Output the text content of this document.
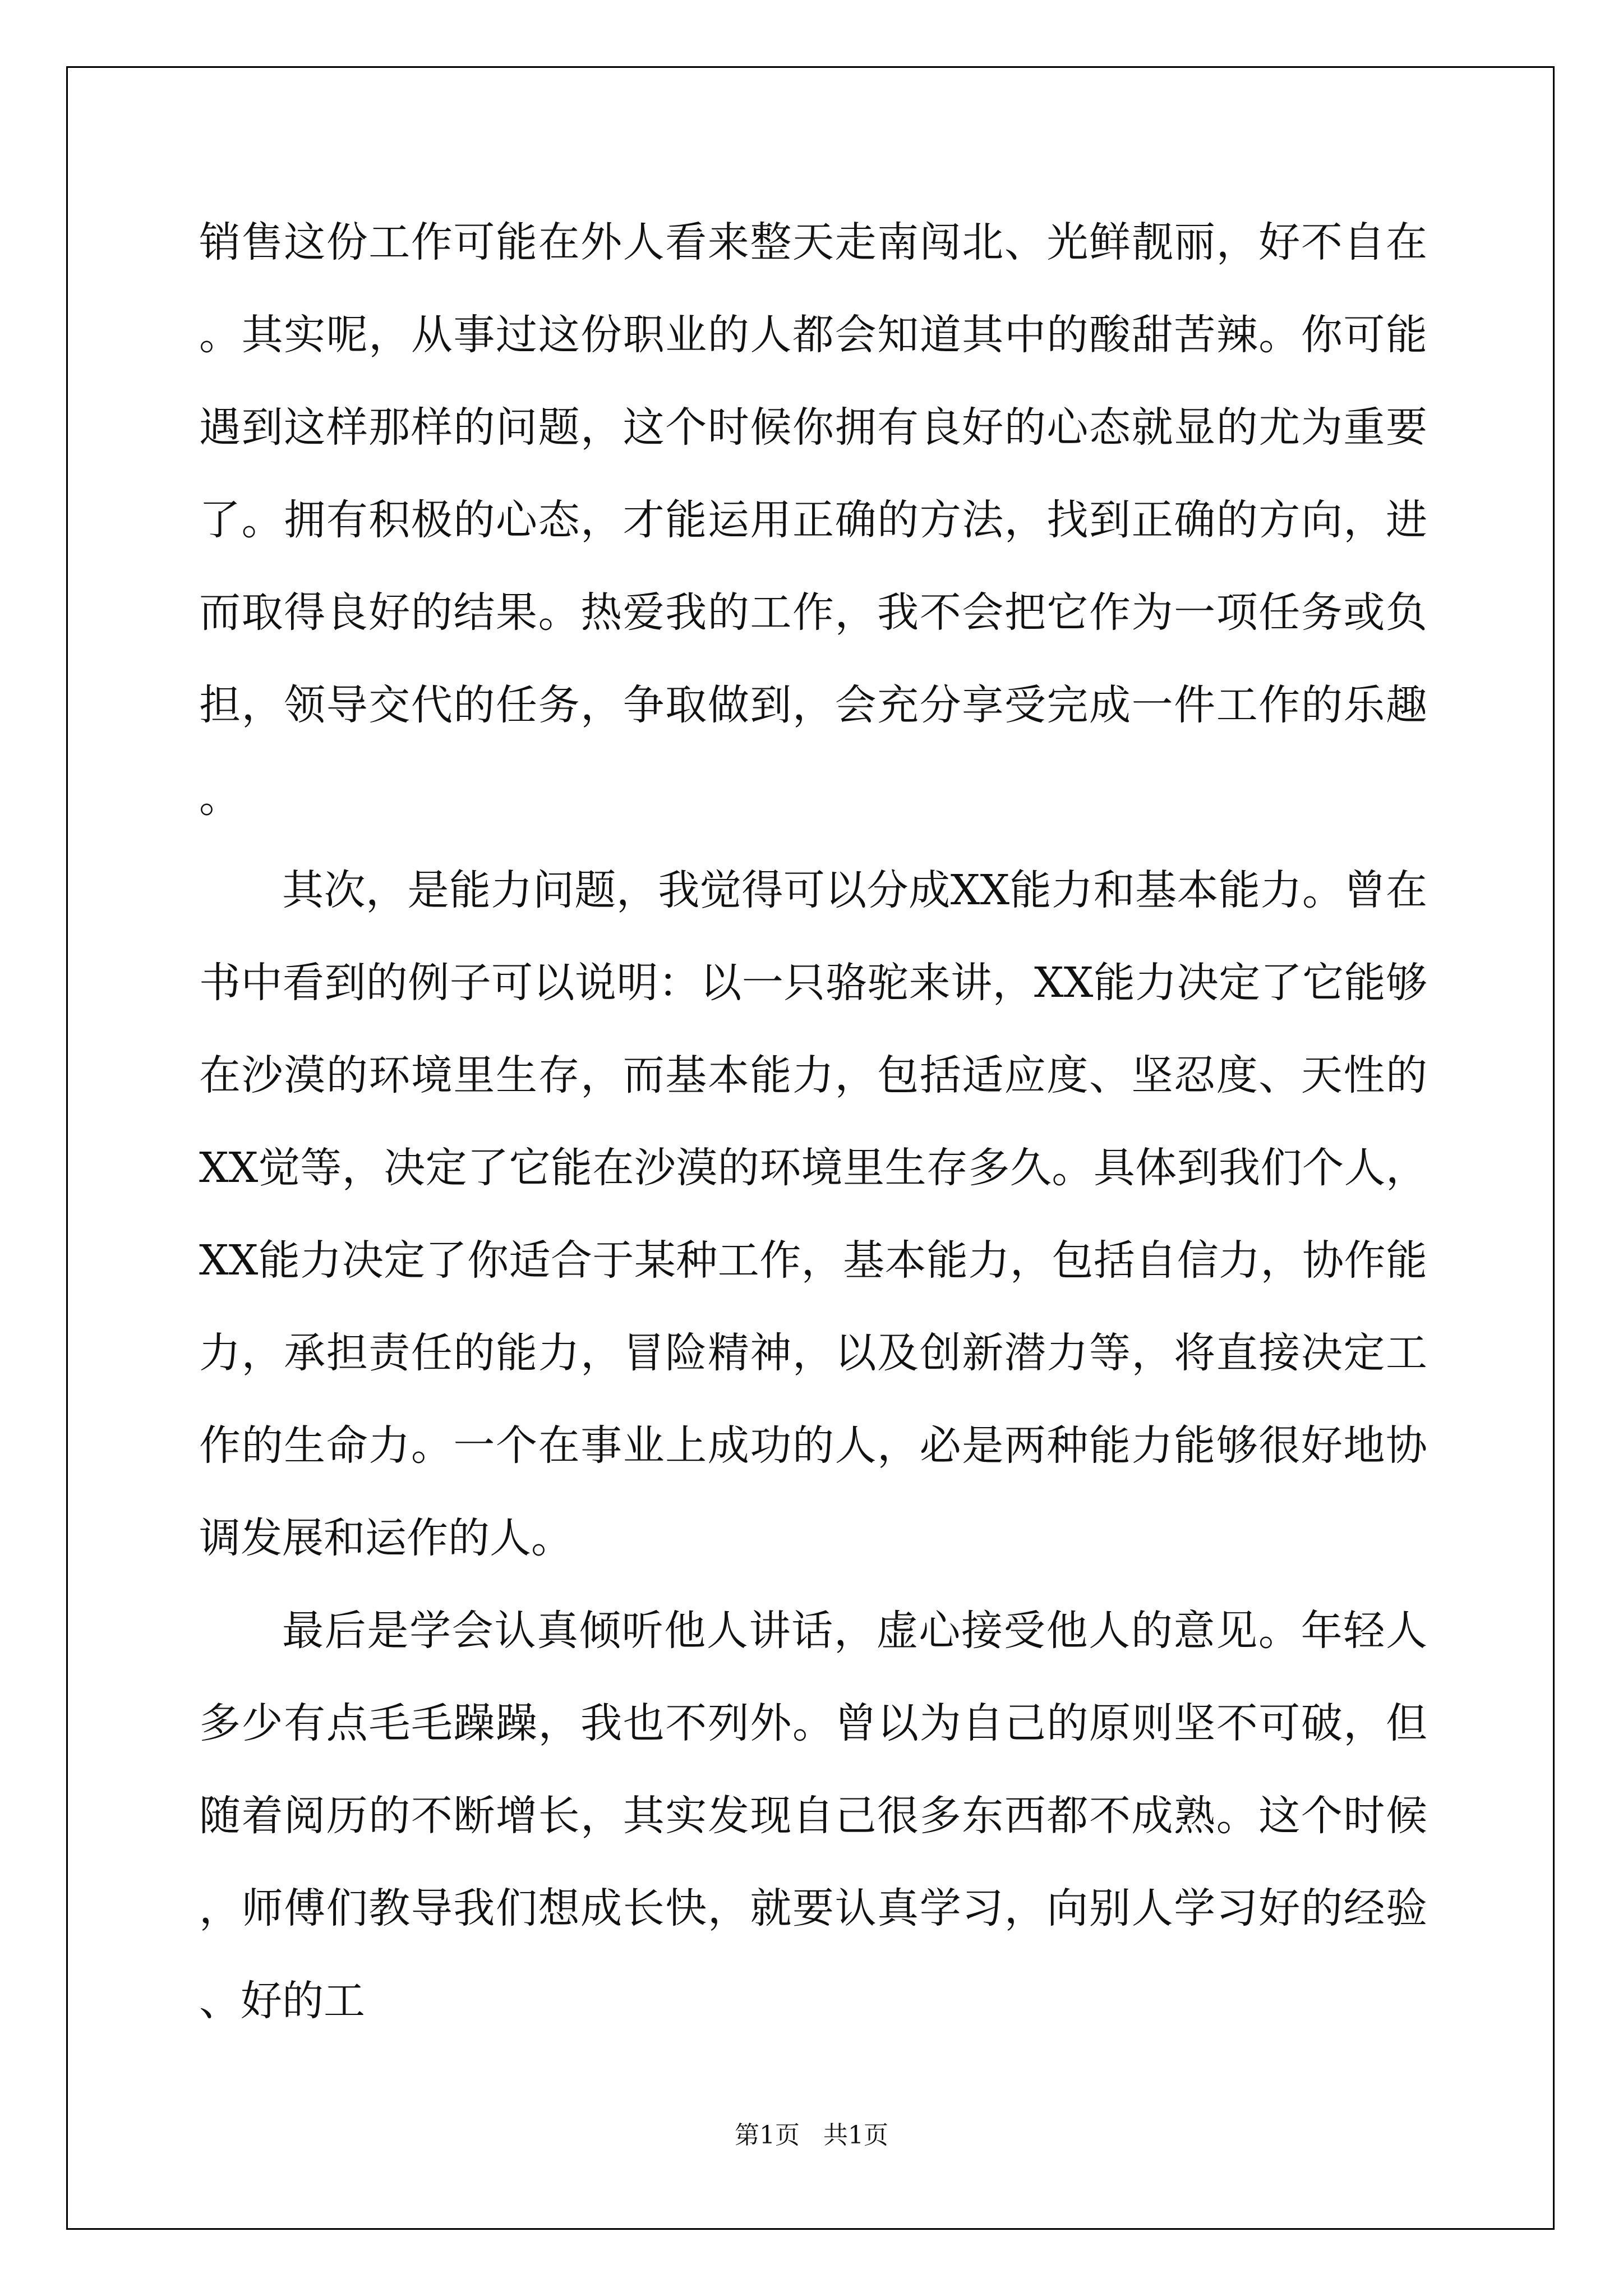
销售这份工作可能在外人看来整天走南闯北、光鲜靓丽，好不自在。其实呢，从事过这份职业的人都会知道其中的酸甜苦辣。你可能遇到这样那样的问题，这个时候你拥有良好的心态就显的尤为重要了。拥有积极的心态，才能运用正确的方法，找到正确的方向，进而取得良好的结果。热爱我的工作，我不会把它作为一项任务或负担，领导交代的任务，争取做到，会充分享受完成一件工作的乐趣。

其次，是能力问题，我觉得可以分成XX能力和基本能力。曾在书中看到的例子可以说明：以一只骆驼来讲，XX能力决定了它能够在沙漠的环境里生存，而基本能力，包括适应度、坚忍度、天性的XX觉等，决定了它能在沙漠的环境里生存多久。具体到我们个人，XX能力决定了你适合于某种工作，基本能力，包括自信力，协作能力，承担责任的能力，冒险精神，以及创新潜力等，将直接决定工作的生命力。一个在事业上成功的人，必是两种能力能够很好地协调发展和运作的人。

最后是学会认真倾听他人讲话，虚心接受他人的意见。年轻人多少有点毛毛躁躁，我也不列外。曾以为自己的原则坚不可破，但随着阅历的不断增长，其实发现自己很多东西都不成熟。这个时候，师傅们教导我们想成长快，就要认真学习，向别人学习好的经验、好的工

第1页   共1页
